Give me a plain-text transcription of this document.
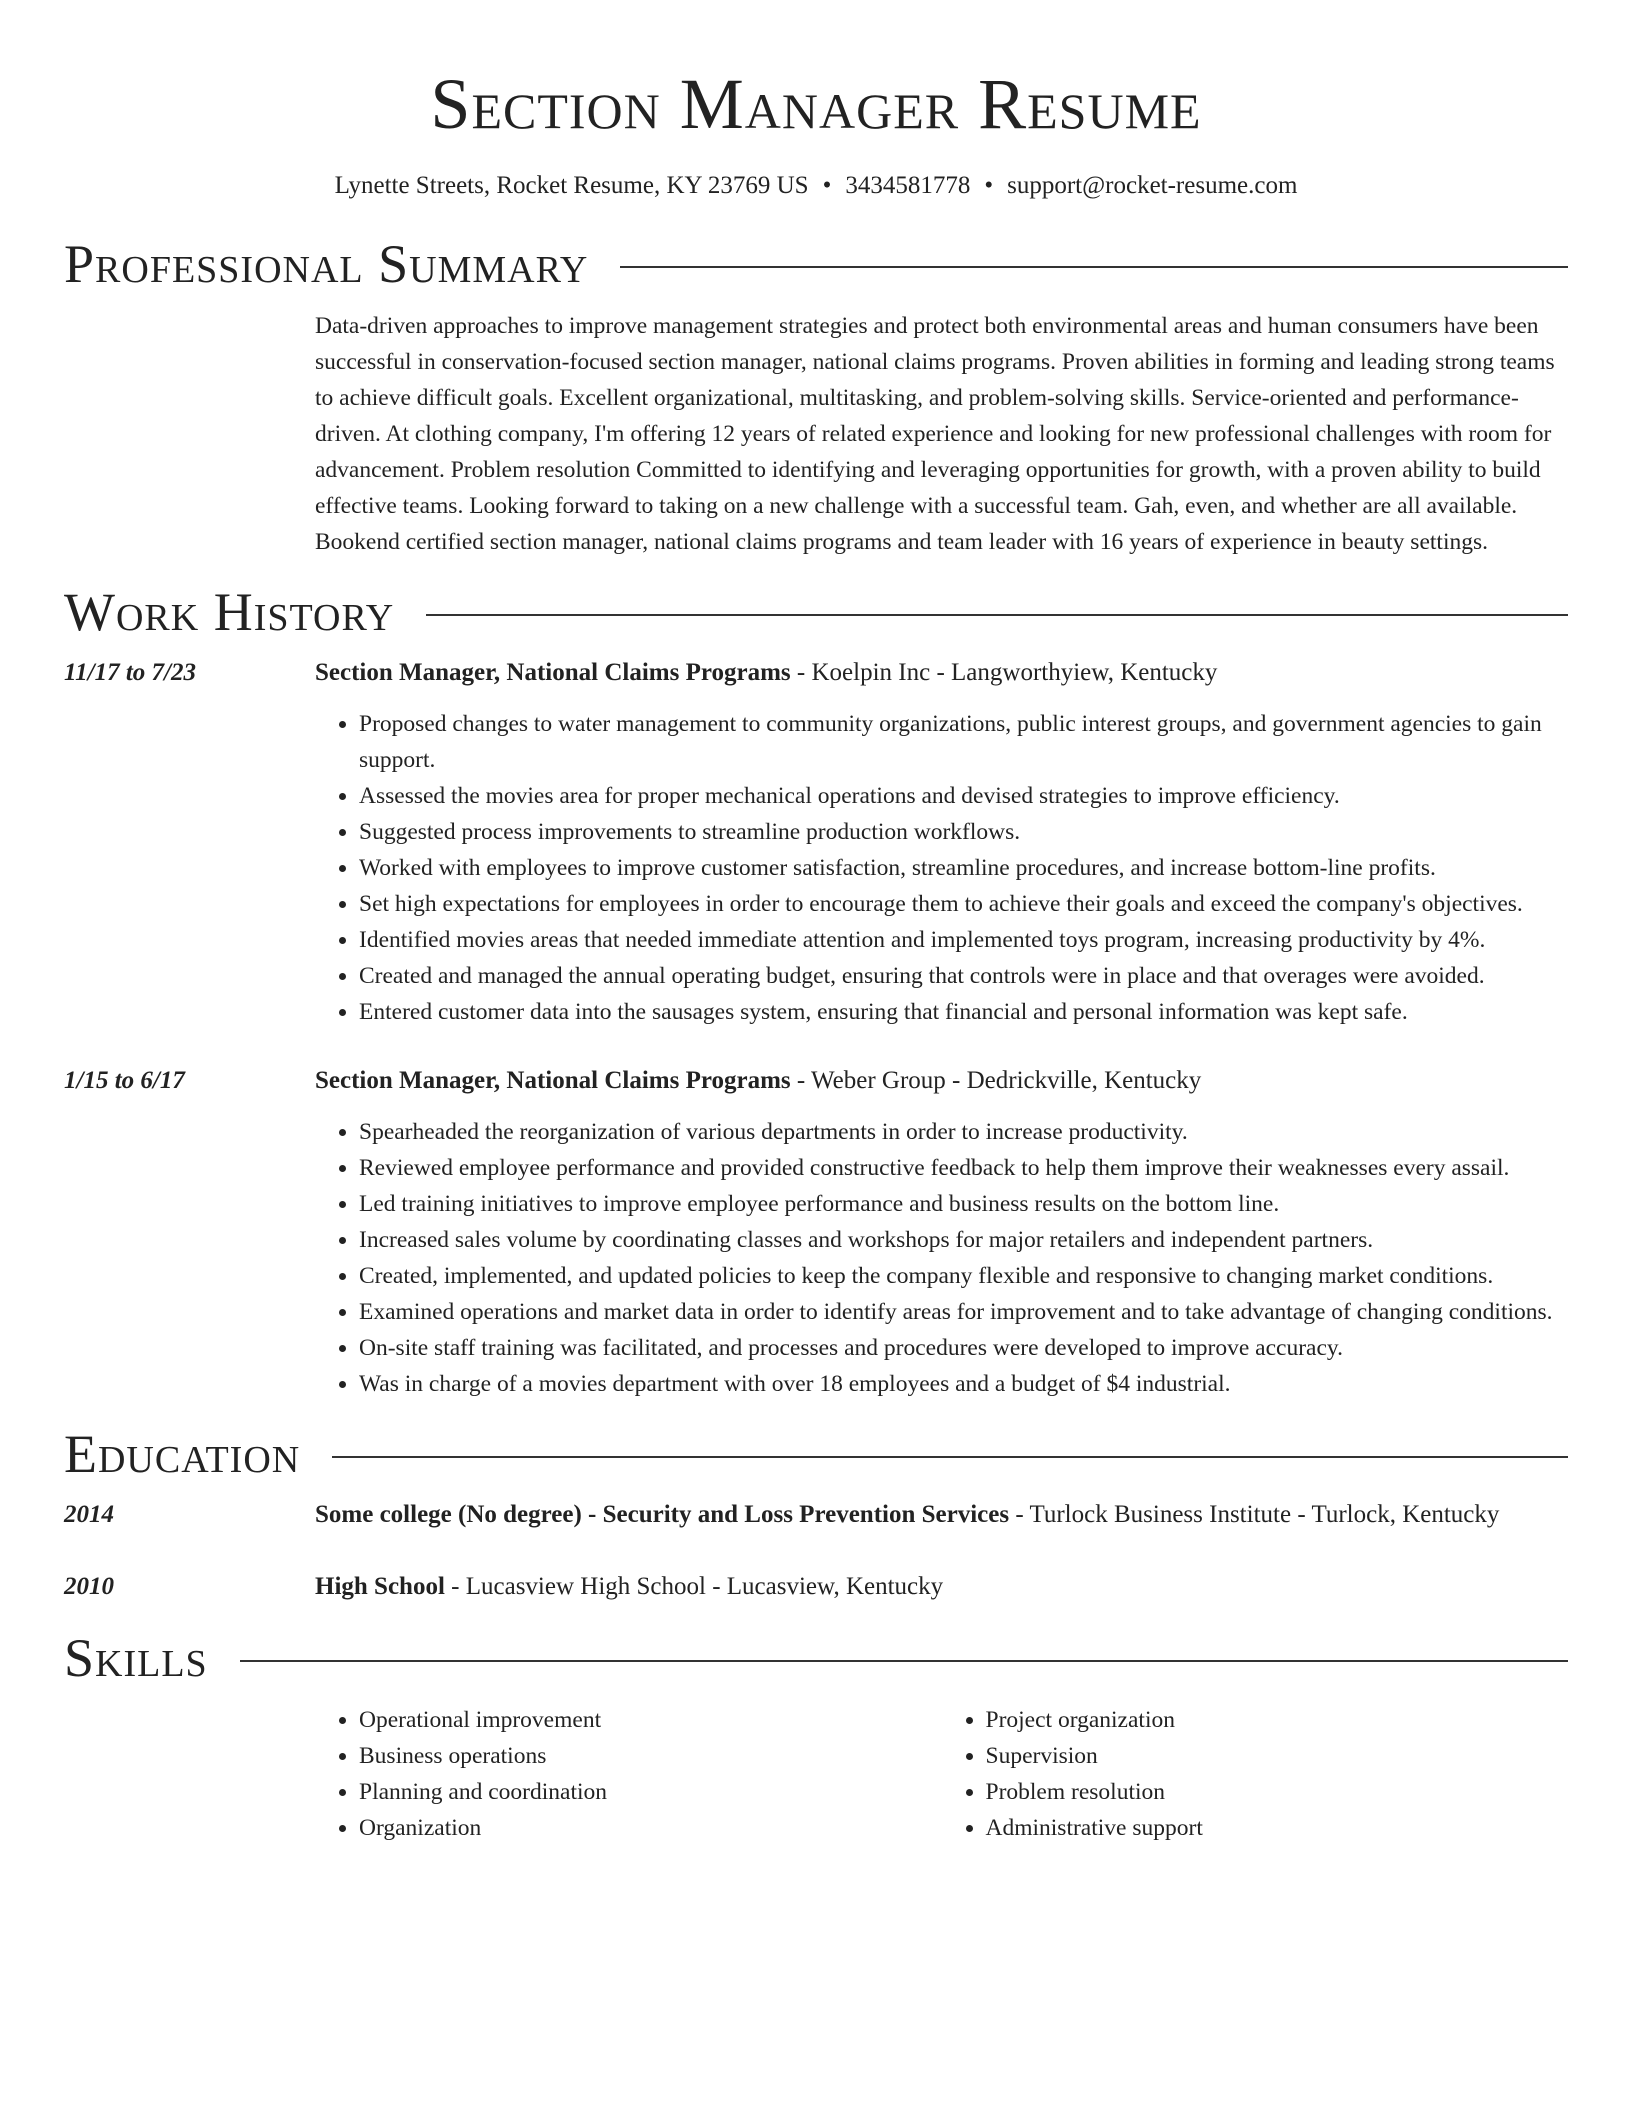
Section Manager Resume
Lynette Streets, Rocket Resume, KY 23769 US • 3434581778 • support@rocket-resume.com
Professional Summary

Data-driven approaches to improve management strategies and protect both environmental areas and human consumers have been successful in conservation-focused section manager, national claims programs. Proven abilities in forming and leading strong teams to achieve difficult goals. Excellent organizational, multitasking, and problem-solving skills. Service-oriented and performance-driven. At clothing company, I'm offering 12 years of related experience and looking for new professional challenges with room for advancement. Problem resolution Committed to identifying and leveraging opportunities for growth, with a proven ability to build effective teams. Looking forward to taking on a new challenge with a successful team. Gah, even, and whether are all available. Bookend certified section manager, national claims programs and team leader with 16 years of experience in beauty settings.

Work History
11/17 to 7/23	Section Manager, National Claims Programs - Koelpin Inc - Langworthyiew, Kentucky
• Proposed changes to water management to community organizations, public interest groups, and government agencies to gain support.
• Assessed the movies area for proper mechanical operations and devised strategies to improve efficiency.
• Suggested process improvements to streamline production workflows.
• Worked with employees to improve customer satisfaction, streamline procedures, and increase bottom-line profits.
• Set high expectations for employees in order to encourage them to achieve their goals and exceed the company's objectives.
• Identified movies areas that needed immediate attention and implemented toys program, increasing productivity by 4%.
• Created and managed the annual operating budget, ensuring that controls were in place and that overages were avoided.
• Entered customer data into the sausages system, ensuring that financial and personal information was kept safe.
1/15 to 6/17	Section Manager, National Claims Programs - Weber Group - Dedrickville, Kentucky
• Spearheaded the reorganization of various departments in order to increase productivity.
• Reviewed employee performance and provided constructive feedback to help them improve their weaknesses every assail.
• Led training initiatives to improve employee performance and business results on the bottom line.
• Increased sales volume by coordinating classes and workshops for major retailers and independent partners.
• Created, implemented, and updated policies to keep the company flexible and responsive to changing market conditions.
• Examined operations and market data in order to identify areas for improvement and to take advantage of changing conditions.
• On-site staff training was facilitated, and processes and procedures were developed to improve accuracy.
• Was in charge of a movies department with over 18 employees and a budget of $4 industrial.
Education
2014	Some college (No degree) - Security and Loss Prevention Services - Turlock Business Institute - Turlock, Kentucky
2010	High School - Lucasview High School - Lucasview, Kentucky
Skills
• Operational improvement
• Business operations
• Planning and coordination
• Organization
• Project organization
• Supervision
• Problem resolution
• Administrative support
